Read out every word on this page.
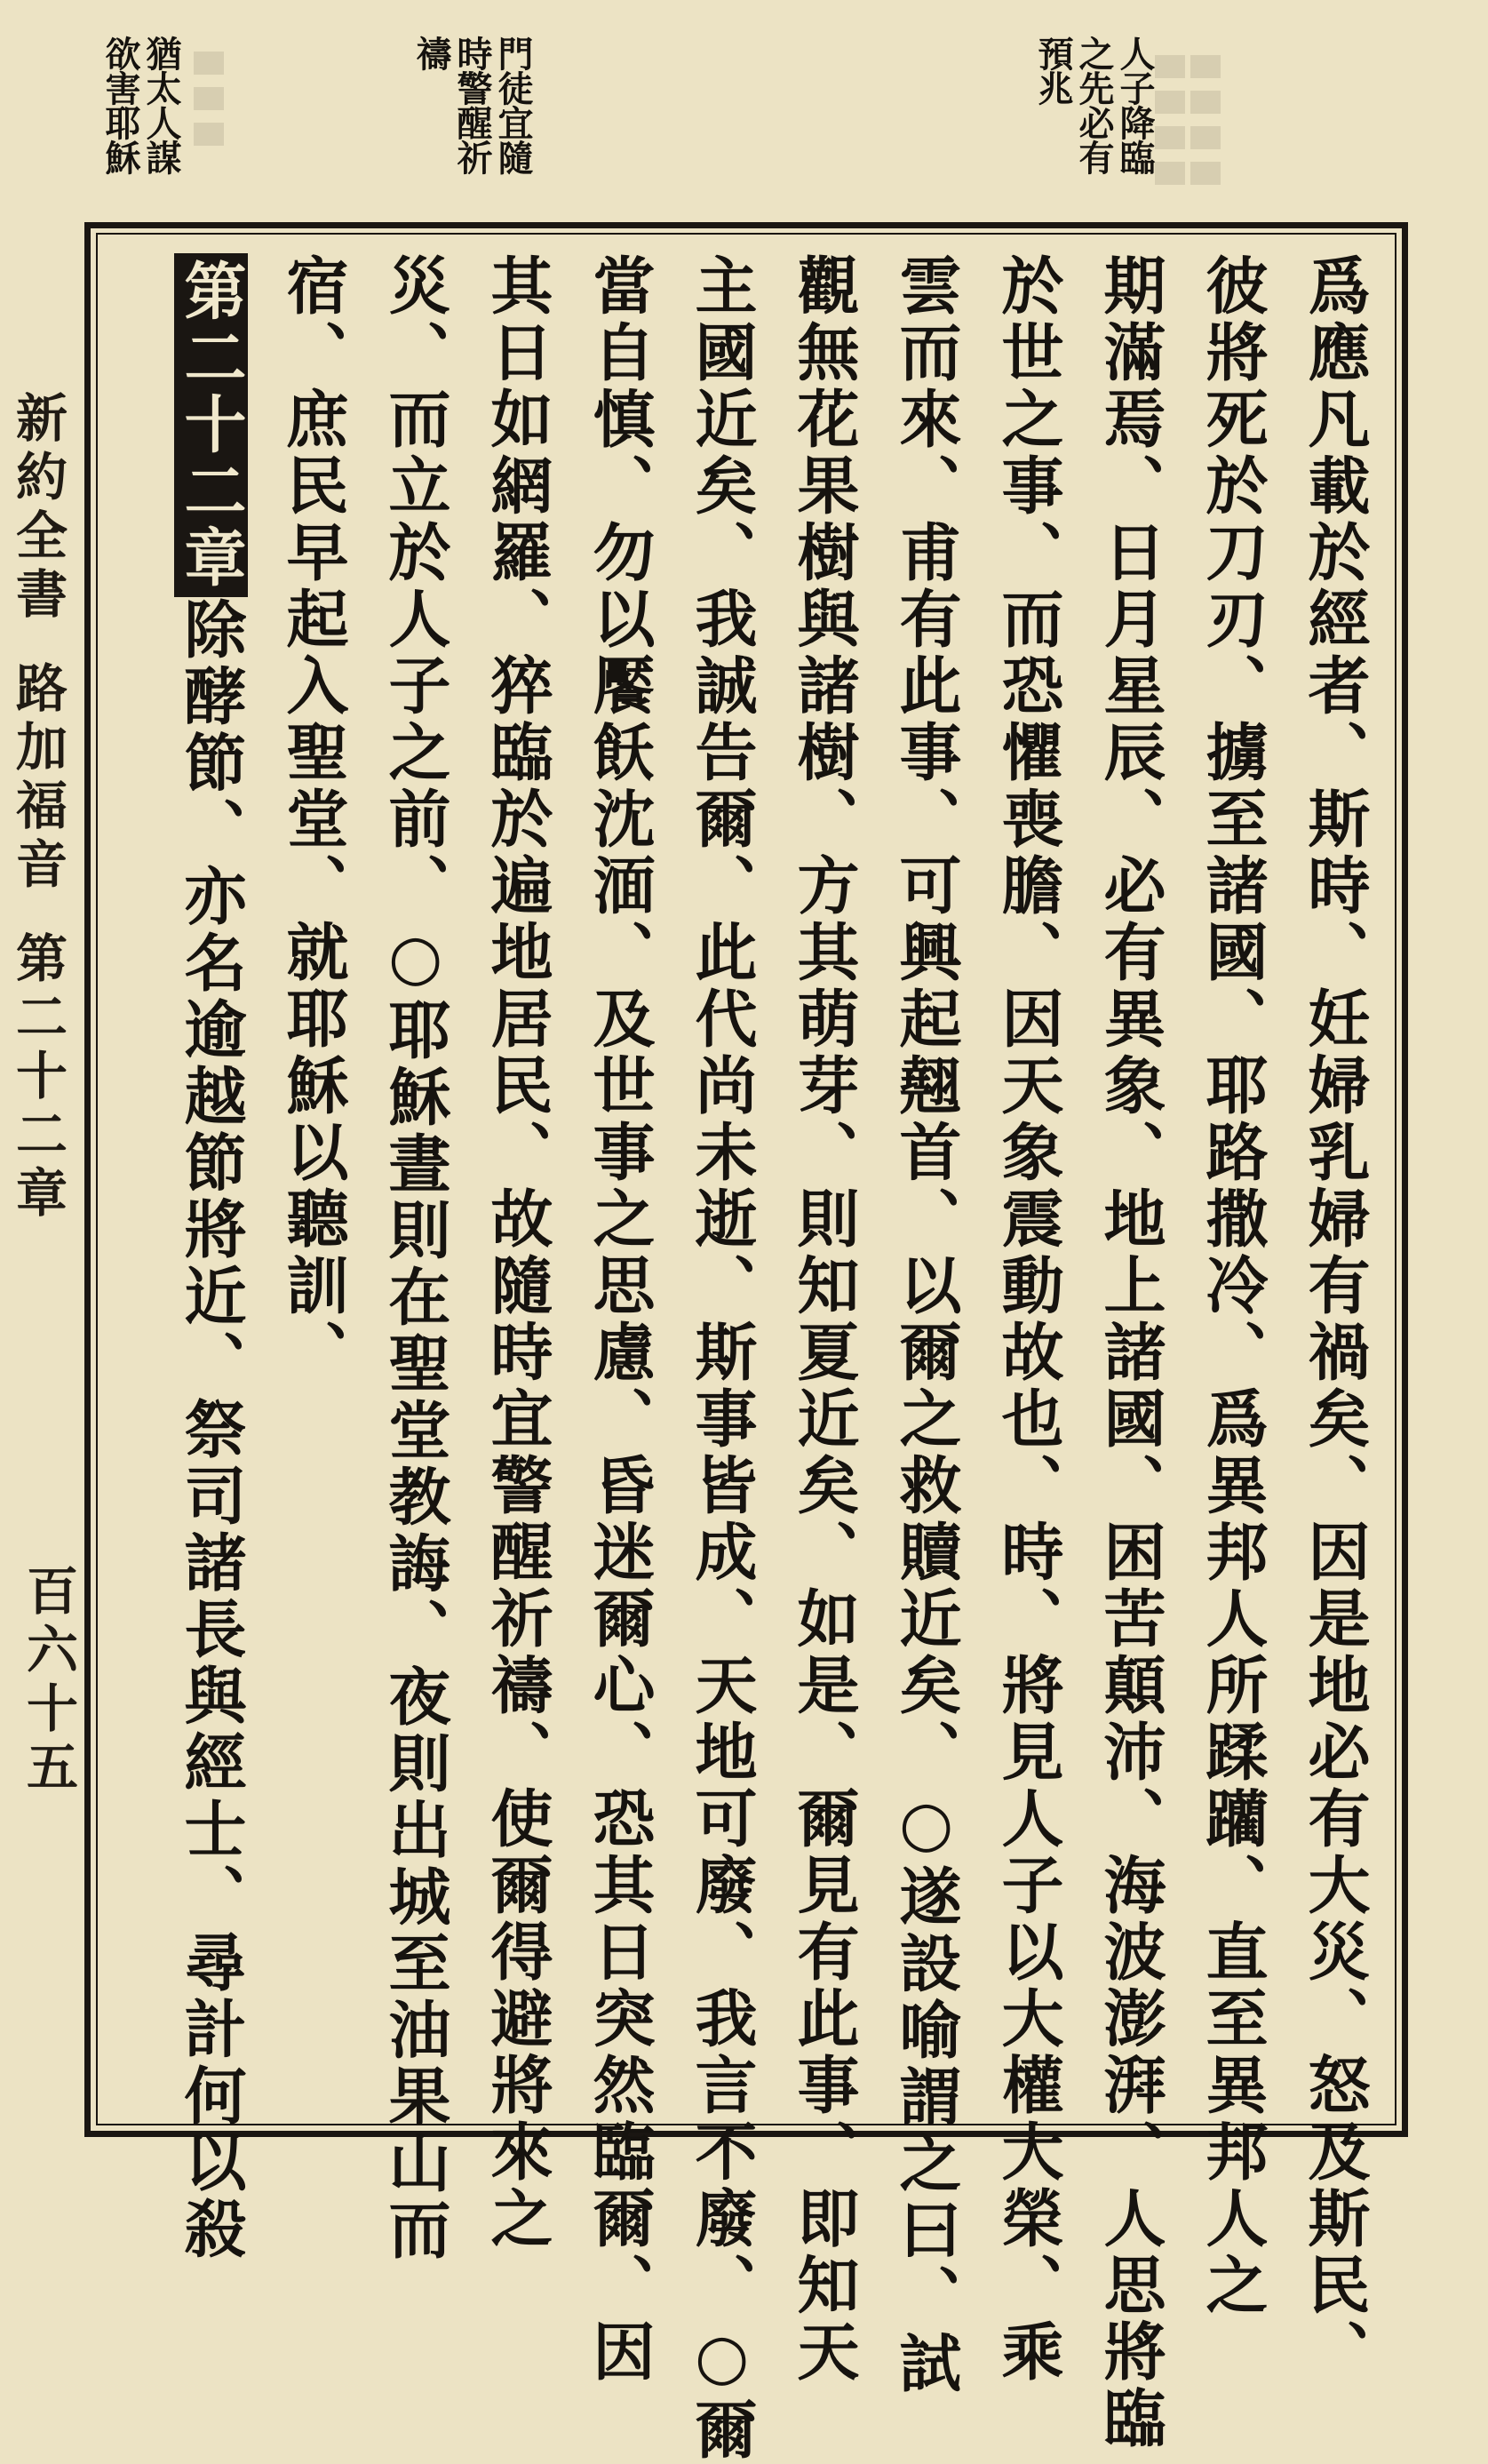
人子降臨
之先必有
預兆
門徒宜隨
時警醒祈
禱
猶太人謀
欲害耶穌
爲應凡載於經者、斯時、妊婦乳婦有禍矣、因是地必有大災、怒及斯民、
彼將死於刀刃、擄至諸國、耶路撒冷、爲異邦人所蹂躪、直至異邦人之
期滿焉、日月星辰、必有異象、地上諸國、困苦顛沛、海波澎湃、人思將臨
於世之事、而恐懼喪膽、因天象震動故也、時、將見人子以大權大榮、乘
雲而來、甫有此事、可興起翹首、以爾之救贖近矣、○遂設喻謂之曰、試
觀無花果樹與諸樹、方其萌芽、則知夏近矣、如是、爾見有此事、即知天
主國近矣、我誠告爾、此代尚未逝、斯事皆成、天地可廢、我言不廢、○爾
當自慎、勿以饜飫沈湎、及世事之思慮、昏迷爾心、恐其日突然臨爾、因
其日如網羅、猝臨於遍地居民、故隨時宜警醒祈禱、使爾得避將來之
災、而立於人子之前、○耶穌晝則在聖堂教誨、夜則出城至油果山而
宿、庶民早起入聖堂、就耶穌以聽訓、
第二十二章除酵節、亦名逾越節將近、祭司諸長與經士、尋計何以殺
新約全書路加福音第二十二章
百六十五
